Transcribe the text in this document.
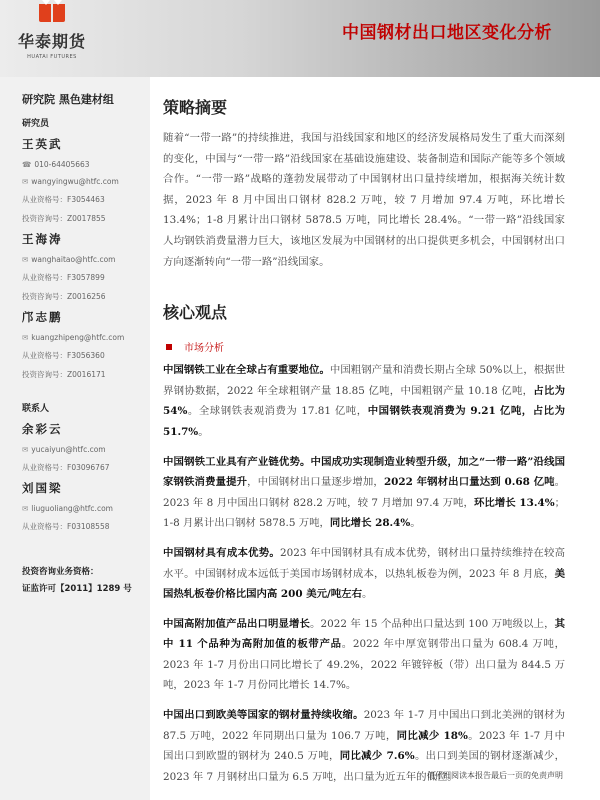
华泰期货
HUATAI FUTURES
中国钢材出口地区变化分析
研究院 黑色建材组
研究员
王英武
☎ 010-64405663
✉ wangyingwu@htfc.com
从业资格号：F3054463
投资咨询号：Z0017855
王海涛
✉ wanghaitao@htfc.com
从业资格号：F3057899
投资咨询号：Z0016256
邝志鹏
✉ kuangzhipeng@htfc.com
从业资格号：F3056360
投资咨询号：Z0016171
联系人
余彩云
✉ yucaiyun@htfc.com
从业资格号：F03096767
刘国梁
✉ liuguoliang@htfc.com
从业资格号：F03108558
投资咨询业务资格：
证监许可【2011】1289 号
策略摘要

随着“一带一路”的持续推进，我国与沿线国家和地区的经济发展格局发生了重大而深刻的变化，中国与“一带一路”沿线国家在基础设施建设、装备制造和国际产能等多个领域合作。“一带一路”战略的蓬勃发展带动了中国钢材出口量持续增加，根据海关统计数据，2023 年 8 月中国出口钢材 828.2 万吨，较 7 月增加 97.4 万吨，环比增长 13.4%；1-8 月累计出口钢材 5878.5 万吨，同比增长 28.4%。“一带一路”沿线国家人均钢铁消费量潜力巨大，该地区发展为中国钢材的出口提供更多机会，中国钢材出口方向逐渐转向“一带一路”沿线国家。

核心观点
市场分析

中国钢铁工业在全球占有重要地位。中国粗钢产量和消费长期占全球 50%以上，根据世界钢协数据，2022 年全球粗钢产量 18.85 亿吨，中国粗钢产量 10.18 亿吨，占比为 54%。全球钢铁表观消费为 17.81 亿吨，中国钢铁表观消费为 9.21 亿吨，占比为 51.7%。

中国钢铁工业具有产业链优势。中国成功实现制造业转型升级，加之“一带一路”沿线国家钢铁消费量提升，中国钢材出口量逐步增加，2022 年钢材出口量达到 0.68 亿吨。2023 年 8 月中国出口钢材 828.2 万吨，较 7 月增加 97.4 万吨，环比增长 13.4%；1-8 月累计出口钢材 5878.5 万吨，同比增长 28.4%。

中国钢材具有成本优势。2023 年中国钢材具有成本优势，钢材出口量持续维持在较高水平。中国钢材成本远低于美国市场钢材成本，以热轧板卷为例，2023 年 8 月底，美国热轧板卷价格比国内高 200 美元/吨左右。

中国高附加值产品出口明显增长。2022 年 15 个品种出口量达到 100 万吨级以上，其中 11 个品种为高附加值的板带产品。2022 年中厚宽钢带出口量为 608.4 万吨，2023 年 1-7 月份出口同比增长了 49.2%，2022 年镀锌板（带）出口量为 844.5 万吨，2023 年 1-7 月份同比增长 14.7%。

中国出口到欧美等国家的钢材量持续收缩。2023 年 1-7 月中国出口到北美洲的钢材为 87.5 万吨，2022 年同期出口量为 106.7 万吨，同比减少 18%。2023 年 1-7 月中国出口到欧盟的钢材为 240.5 万吨，同比减少 7.6%。出口到美国的钢材逐渐减少，2023 年 7 月钢材出口量为 6.5 万吨，出口量为近五年的低位。

请仔细阅读本报告最后一页的免责声明
